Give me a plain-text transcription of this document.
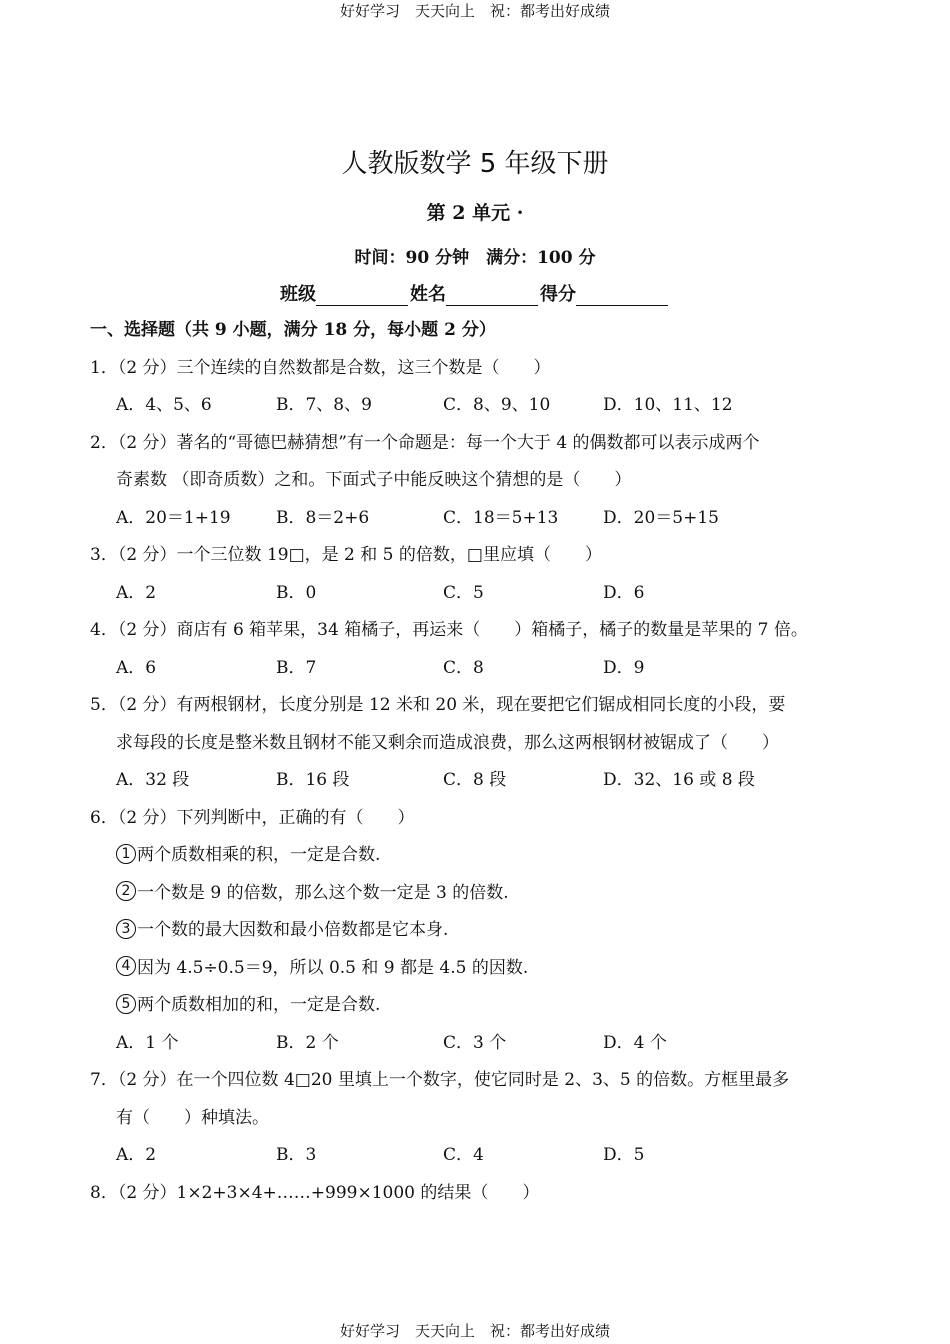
好好学习　天天向上　祝：都考出好成绩
人教版数学 5 年级下册
第 2 单元 ·
时间：90 分钟　满分：100 分
班级	姓名	得分
一、选择题（共 9 小题，满分 18 分，每小题 2 分）
1．（2 分）三个连续的自然数都是合数，这三个数是（　　）
A．4、5、6	B．7、8、9	C．8、9、10	D．10、11、12
2．（2 分）著名的“哥德巴赫猜想”有一个命题是：每一个大于 4 的偶数都可以表示成两个
奇素数 （即奇质数）之和。下面式子中能反映这个猜想的是（　　）
A．20＝1+19	B．8＝2+6	C．18＝5+13	D．20＝5+15
3．（2 分）一个三位数 19□，是 2 和 5 的倍数，□里应填（　　）
A．2	B．0	C．5	D．6
4．（2 分）商店有 6 箱苹果，34 箱橘子，再运来（　　）箱橘子，橘子的数量是苹果的 7 倍。
A．6	B．7	C．8	D．9
5．（2 分）有两根钢材，长度分别是 12 米和 20 米，现在要把它们锯成相同长度的小段，要
求每段的长度是整米数且钢材不能又剩余而造成浪费，那么这两根钢材被锯成了（　　）
A．32 段	B．16 段	C．8 段	D．32、16 或 8 段
6．（2 分）下列判断中，正确的有（　　）
1 两个质数相乘的积，一定是合数.
2 一个数是 9 的倍数，那么这个数一定是 3 的倍数.
3 一个数的最大因数和最小倍数都是它本身.
4 因为 4.5÷0.5＝9，所以 0.5 和 9 都是 4.5 的因数.
5 两个质数相加的和，一定是合数.
A．1 个	B．2 个	C．3 个	D．4 个
7．（2 分）在一个四位数 4□20 里填上一个数字，使它同时是 2、3、5 的倍数。方框里最多
有（　　）种填法。
A．2	B．3	C．4	D．5
8．（2 分）1×2+3×4+……+999×1000 的结果（　　）
好好学习　天天向上　祝：都考出好成绩
